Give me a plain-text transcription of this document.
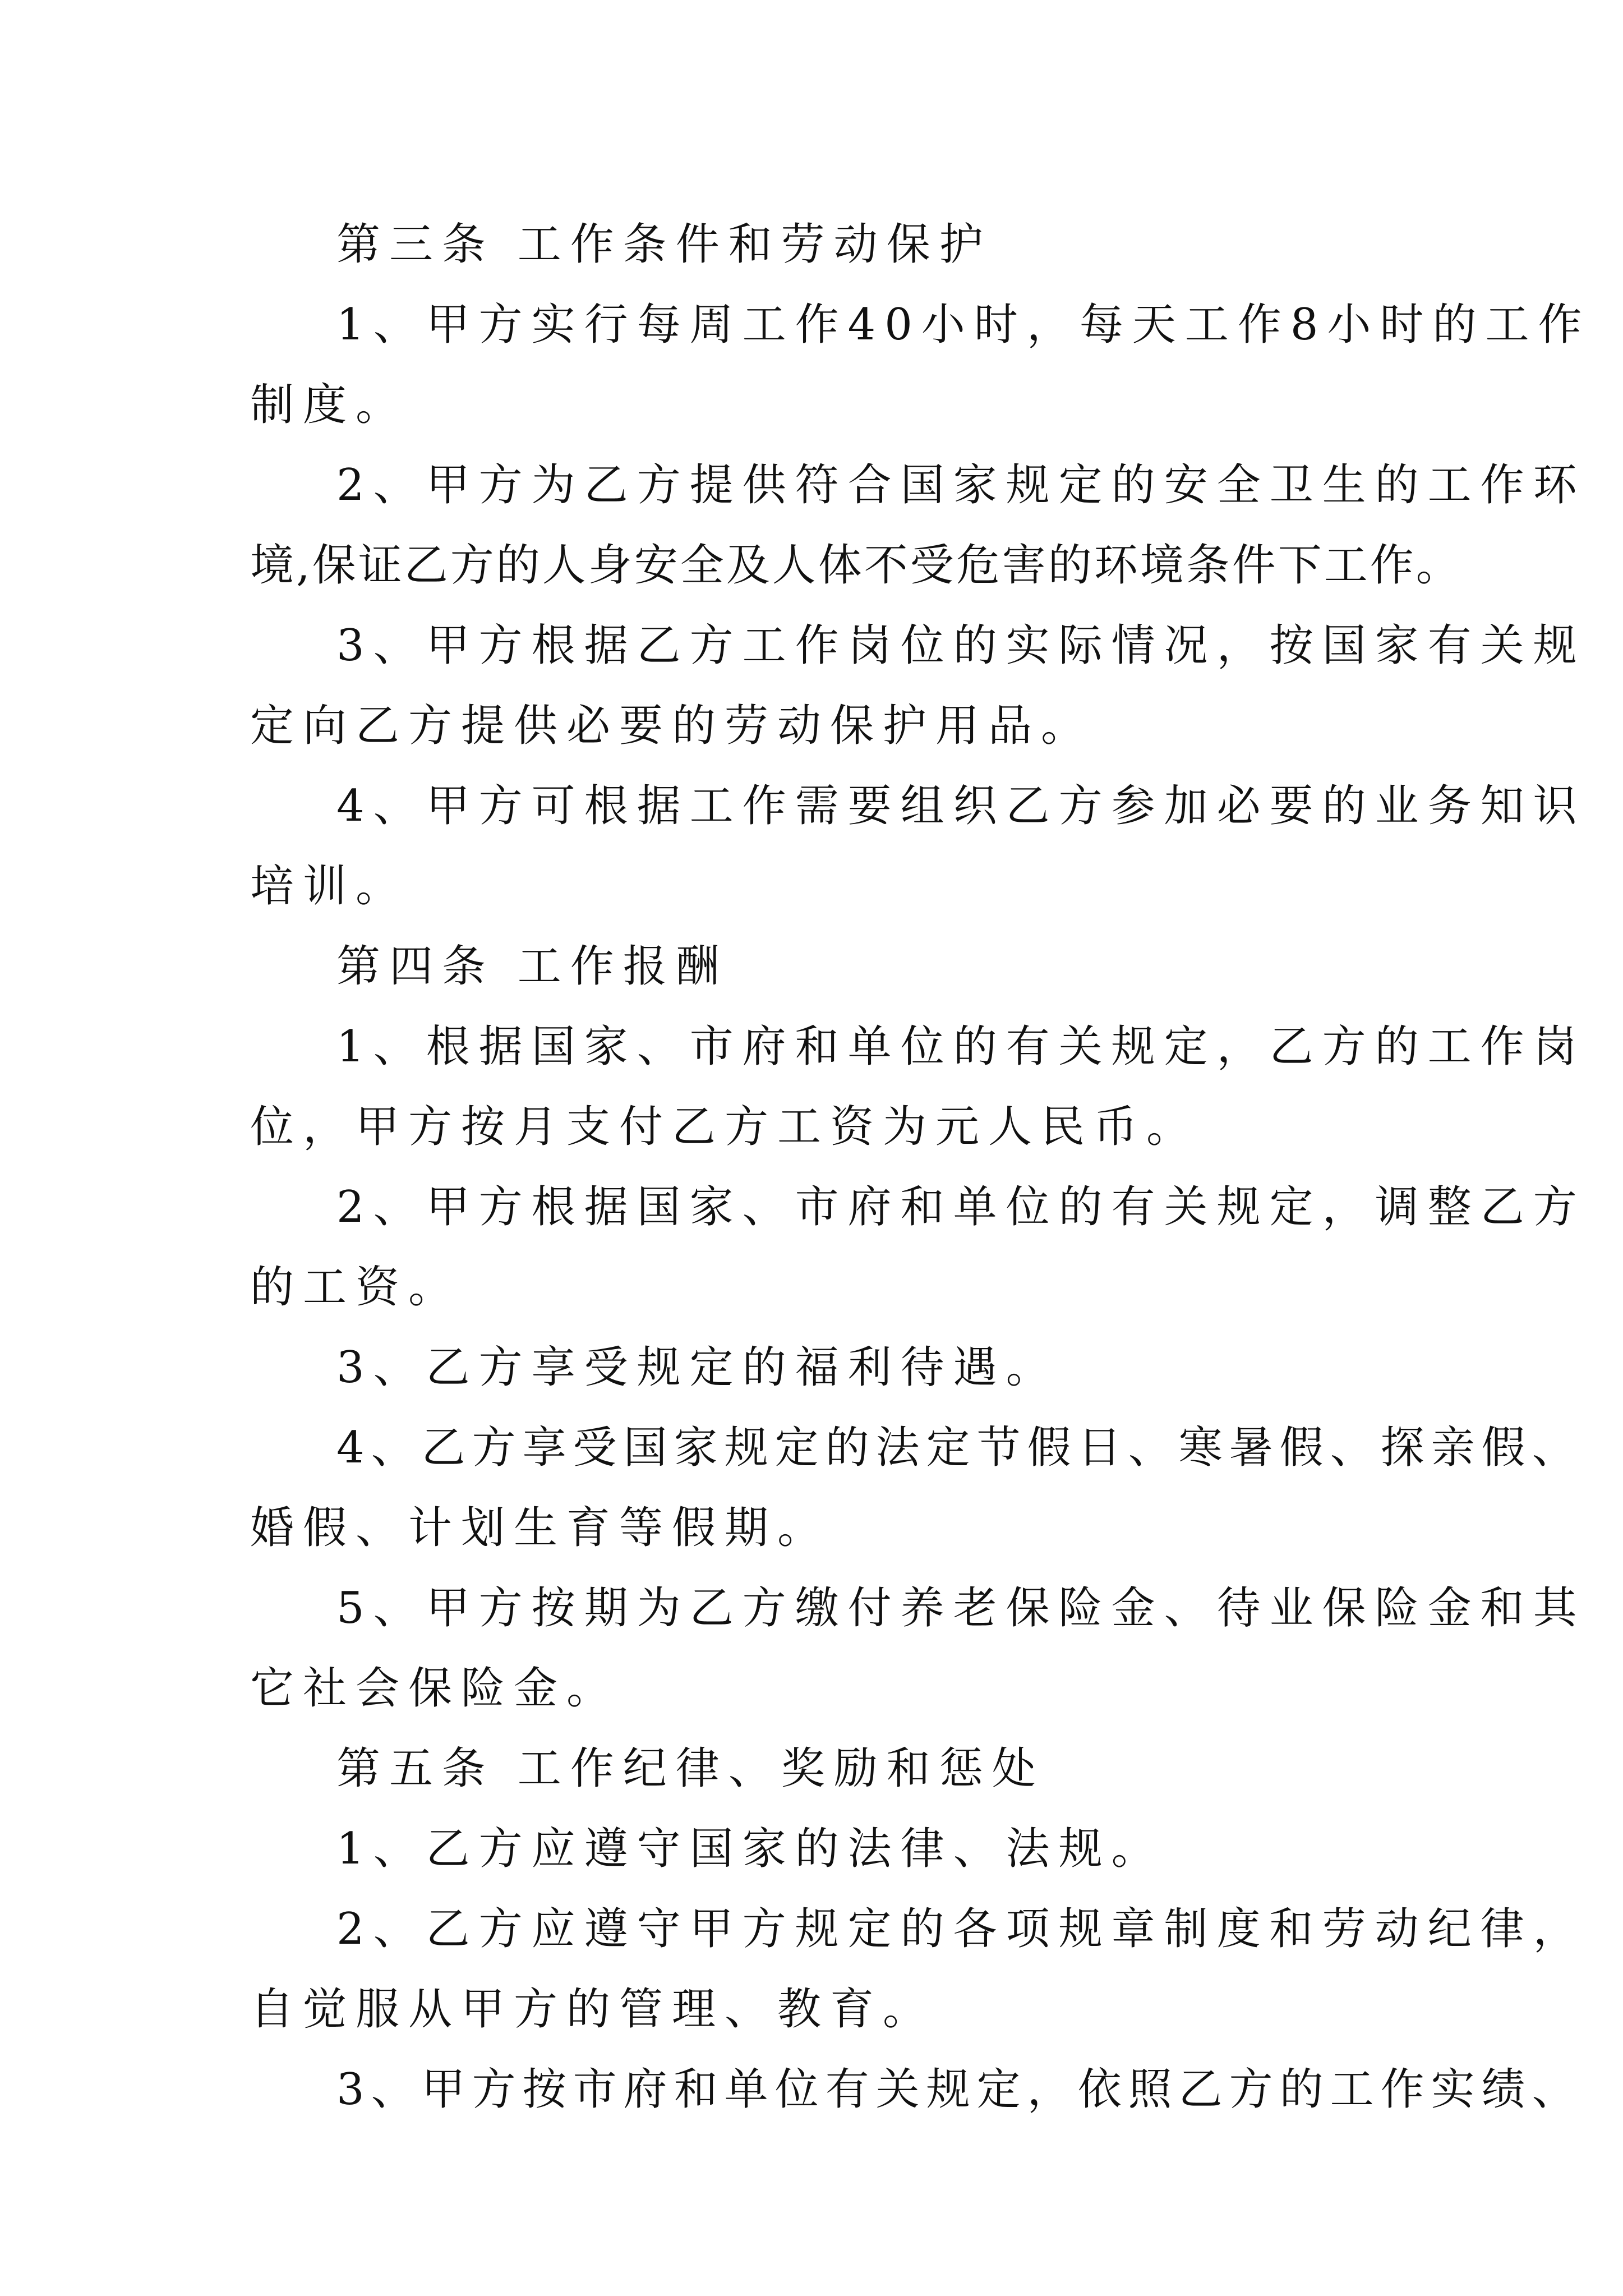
第三条 工作条件和劳动保护
1、甲方实行每周工作40小时，每天工作8小时的工作
制度。
2、甲方为乙方提供符合国家规定的安全卫生的工作环
境,保证乙方的人身安全及人体不受危害的环境条件下工作。
3、甲方根据乙方工作岗位的实际情况，按国家有关规
定向乙方提供必要的劳动保护用品。
4、甲方可根据工作需要组织乙方参加必要的业务知识
培训。
第四条 工作报酬
1、根据国家、市府和单位的有关规定，乙方的工作岗
位，甲方按月支付乙方工资为元人民币。
2、甲方根据国家、市府和单位的有关规定，调整乙方
的工资。
3、乙方享受规定的福利待遇。
4、乙方享受国家规定的法定节假日、寒暑假、探亲假、
婚假、计划生育等假期。
5、甲方按期为乙方缴付养老保险金、待业保险金和其
它社会保险金。
第五条 工作纪律、奖励和惩处
1、乙方应遵守国家的法律、法规。
2、乙方应遵守甲方规定的各项规章制度和劳动纪律，
自觉服从甲方的管理、教育。
3、甲方按市府和单位有关规定，依照乙方的工作实绩、
